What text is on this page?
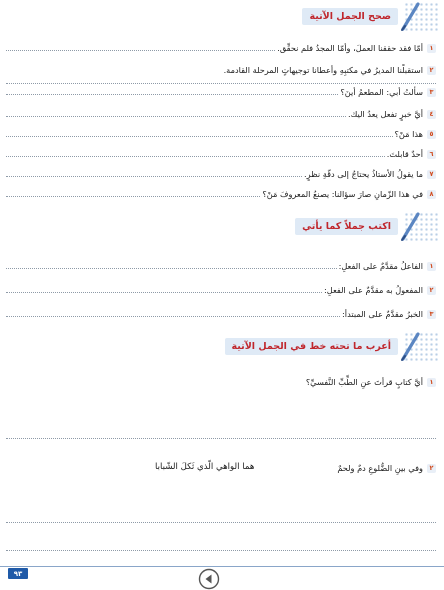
صحح الجمل الآتية
١
أمّا فقد حققنا العملَ، وأمّا المجدُ فلم نحقِّق.
٢
استقبلْنا المديرُ في مكتبِهِ وأعطانا توجيهاتٍ المرحلة القادمة.
٣
سألتُ أبي: المطعمُ أينَ؟
٤
أيَّ خبرٍ تفعل يعدُ اليك.
٥
هذا مَنْ؟
٦
أحدٌ قابلتَ.
٧
ما يقولُ الأستاذُ يحتاجُ إلى دقّةِ نظرٍ.
٨
في هذا الزّمانِ صارَ سؤالنا: يصنعُ المعروفَ مَنْ؟
اكتب جملاً كما يأتي
١
الفاعلُ مقدَّمٌ على الفعلِ:
٢
المفعولُ به مقدَّمٌ على الفعلِ:
٣
الخبرُ مقدَّمٌ على المبتدأ:
أعرب ما تحته خط في الجمل الآتية
١
أيَّ كتابٍ قرأتَ عنِ الطِّبِّ النَّفسيِّ؟
٢
وفي بينِ الضُّلوعِ دمٌ ولحمٌ
هما الواهي الّذي ثَكلَ الشّبابا
٩٣
